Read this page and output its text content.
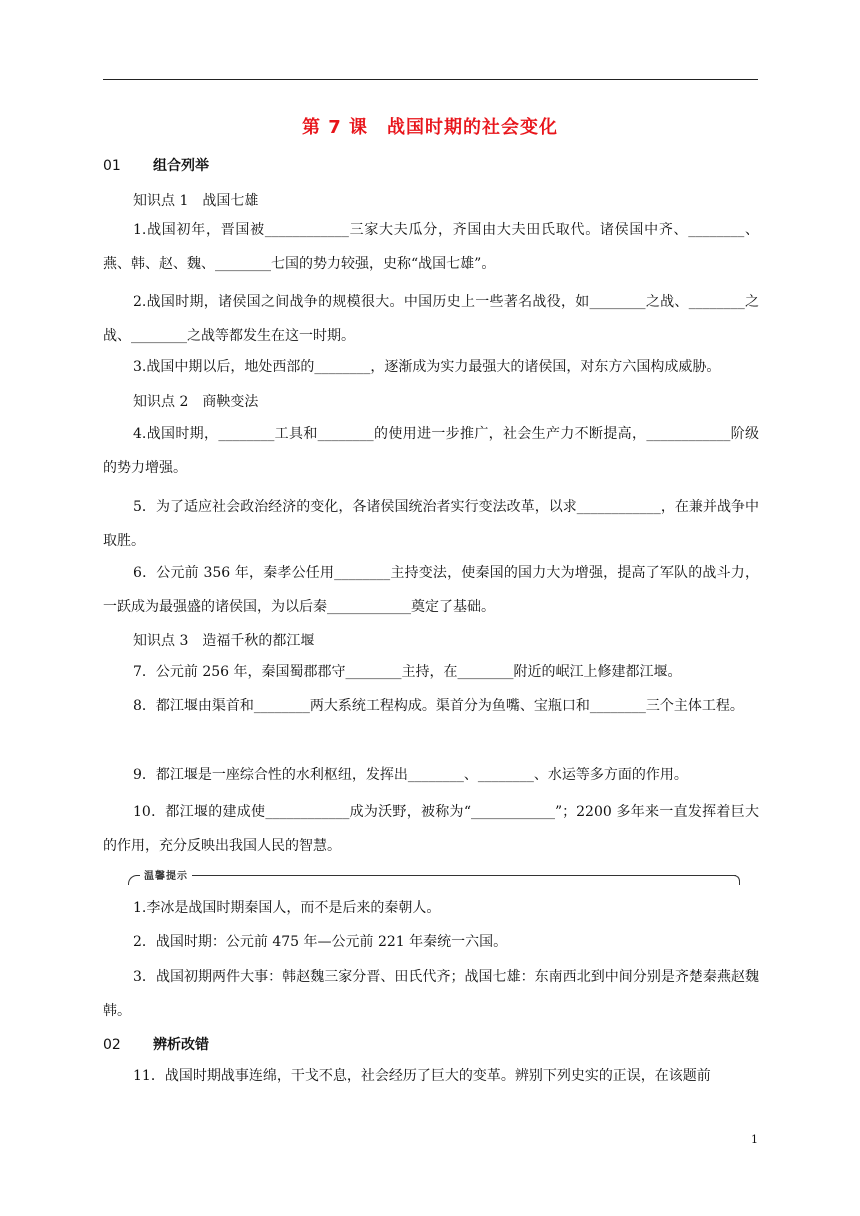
第 7 课　战国时期的社会变化
01 组合列举
知识点 1 战国七雄

1.战国初年，晋国被____________三家大夫瓜分，齐国由大夫田氏取代。诸侯国中齐、________、燕、韩、赵、魏、________七国的势力较强，史称“战国七雄”。

2.战国时期，诸侯国之间战争的规模很大。中国历史上一些著名战役，如________之战、________之战、________之战等都发生在这一时期。

3.战国中期以后，地处西部的________，逐渐成为实力最强大的诸侯国，对东方六国构成威胁。

知识点 2 商鞅变法

4.战国时期，________工具和________的使用进一步推广，社会生产力不断提高，____________阶级的势力增强。

5．为了适应社会政治经济的变化，各诸侯国统治者实行变法改革，以求____________，在兼并战争中取胜。

6．公元前 356 年，秦孝公任用________主持变法，使秦国的国力大为增强，提高了军队的战斗力，一跃成为最强盛的诸侯国，为以后秦____________奠定了基础。

知识点 3 造福千秋的都江堰

7．公元前 256 年，秦国蜀郡郡守________主持，在________附近的岷江上修建都江堰。

8．都江堰由渠首和________两大系统工程构成。渠首分为鱼嘴、宝瓶口和________三个主体工程。

9．都江堰是一座综合性的水利枢纽，发挥出________、________、水运等多方面的作用。

10．都江堰的建成使____________成为沃野，被称为“____________”；2200 多年来一直发挥着巨大的作用，充分反映出我国人民的智慧。

温馨提示

1.李冰是战国时期秦国人，而不是后来的秦朝人。

2．战国时期：公元前 475 年—公元前 221 年秦统一六国。

3．战国初期两件大事：韩赵魏三家分晋、田氏代齐；战国七雄：东南西北到中间分别是齐楚秦燕赵魏韩。

02 辨析改错

11．战国时期战事连绵，干戈不息，社会经历了巨大的变革。辨别下列史实的正误，在该题前

1
